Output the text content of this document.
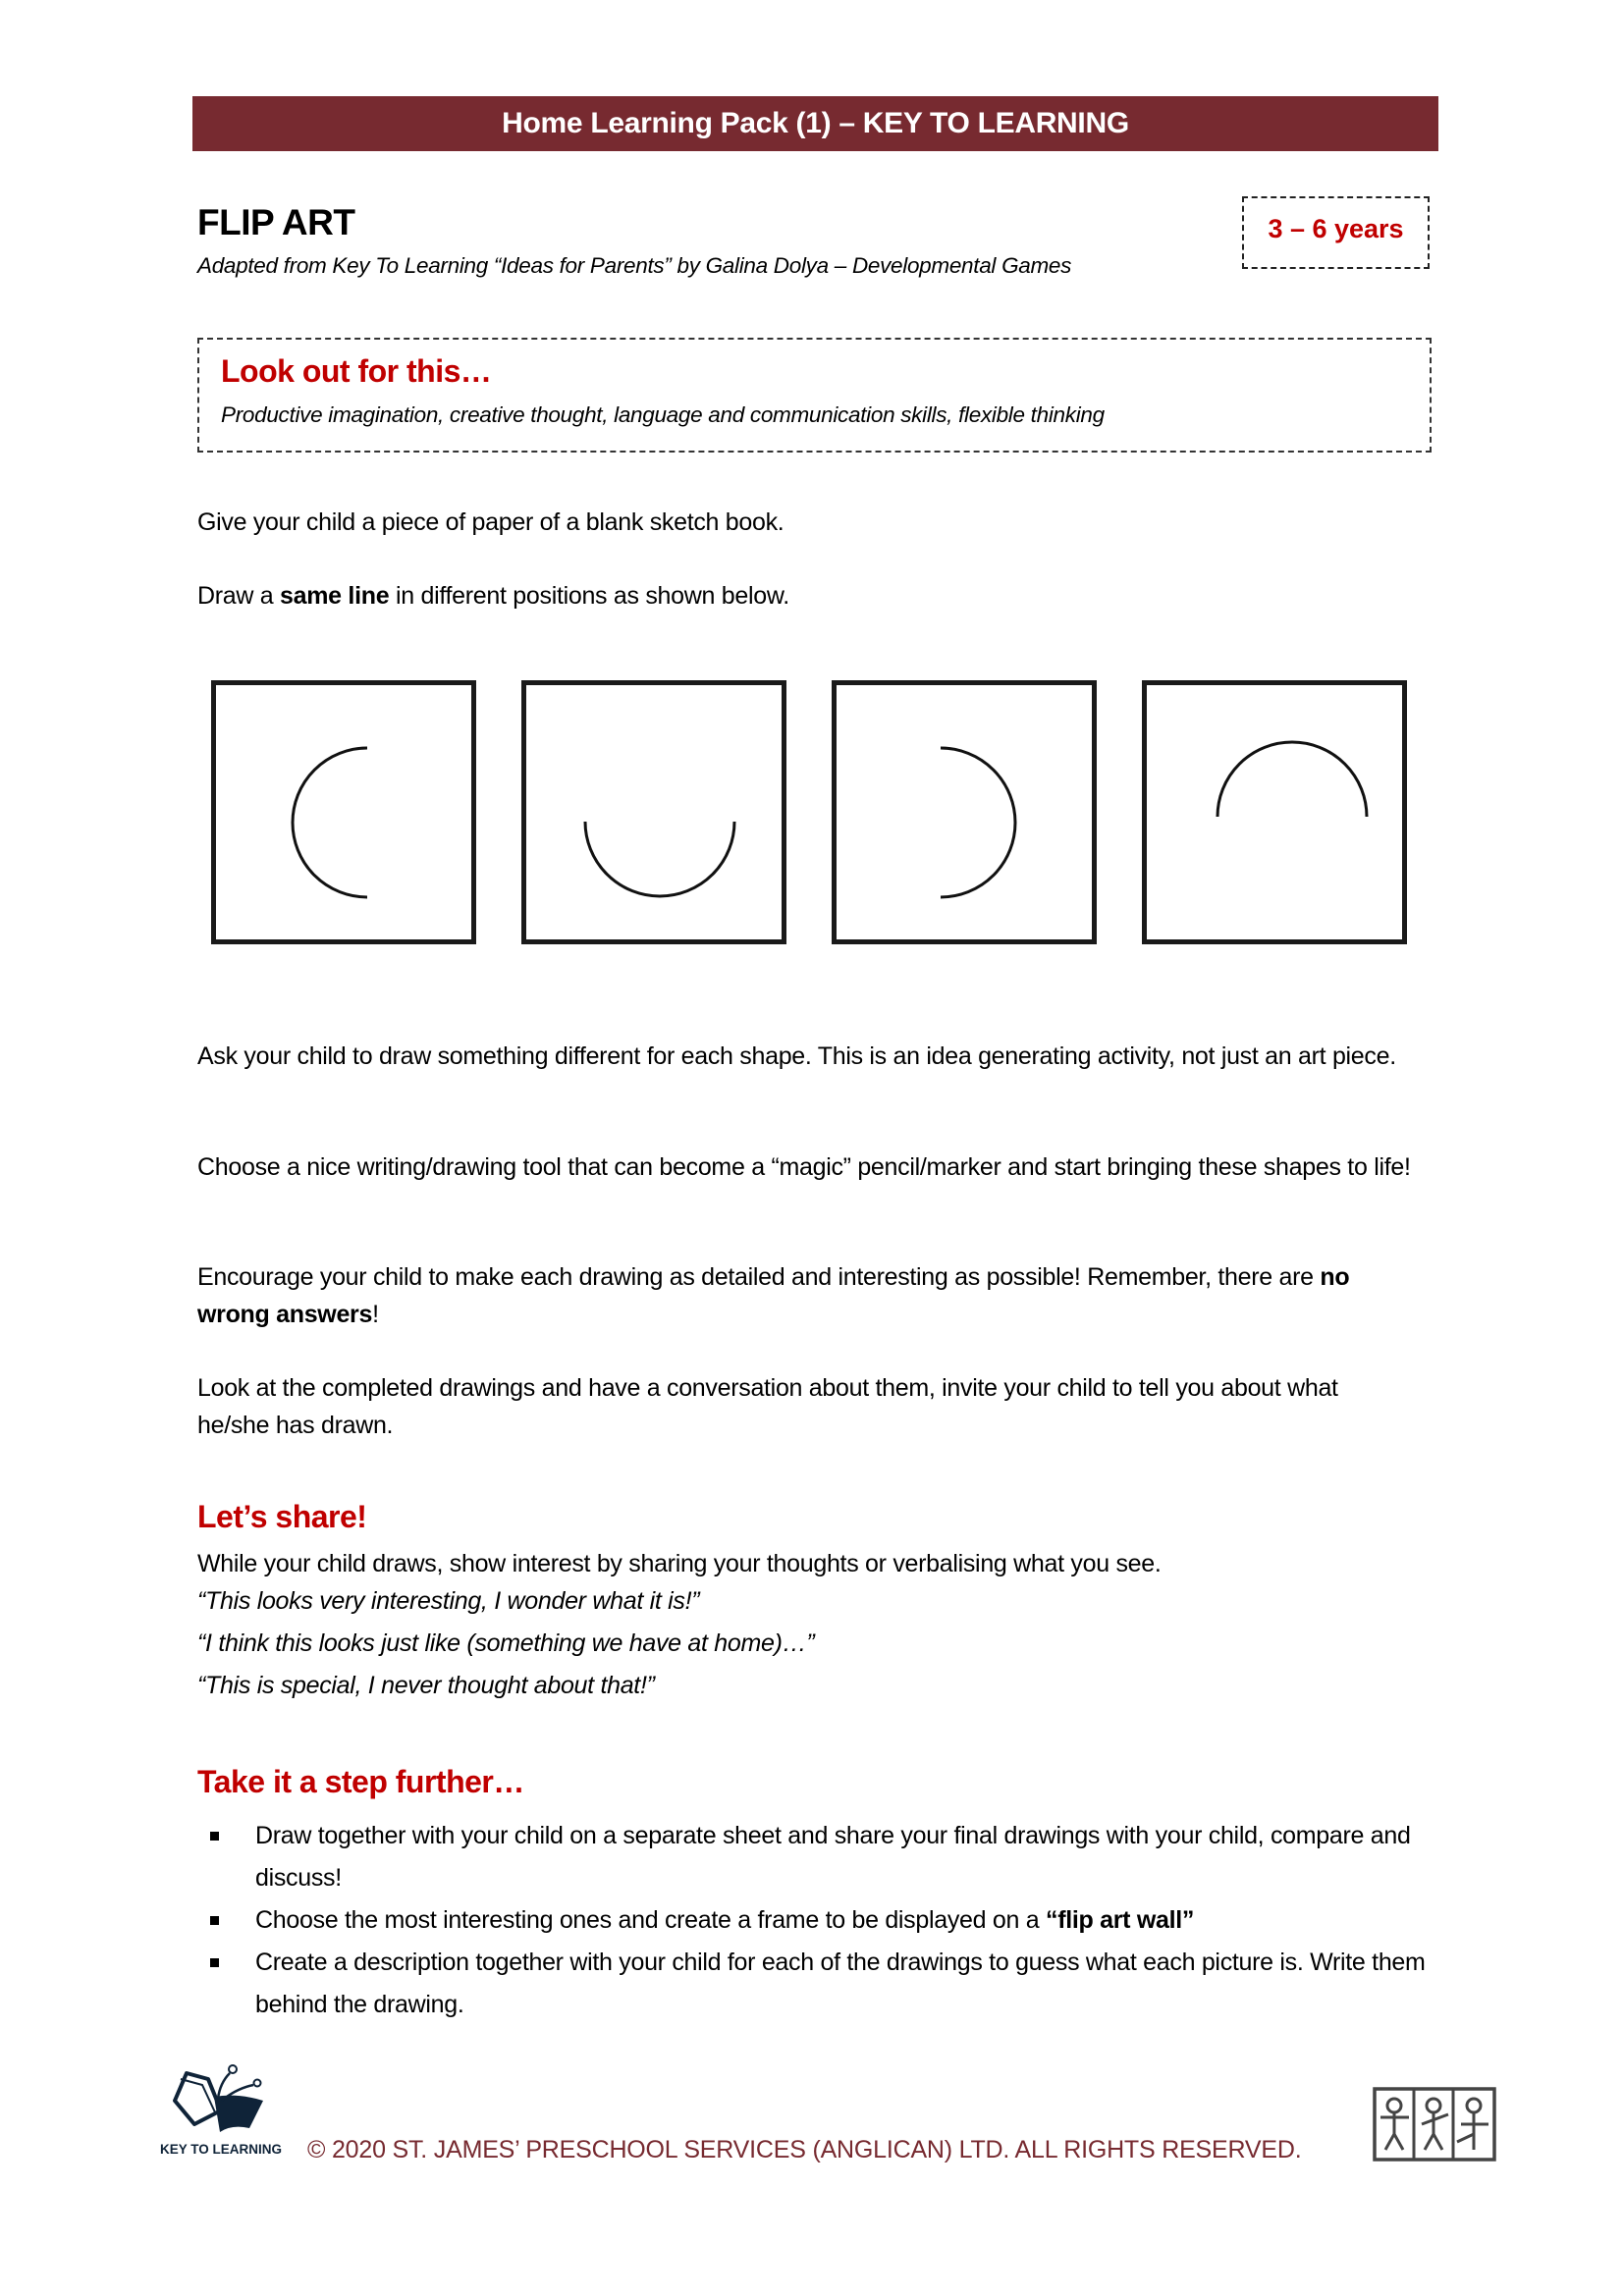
Home Learning Pack (1) – KEY TO LEARNING
FLIP ART
Adapted from Key To Learning “Ideas for Parents” by Galina Dolya – Developmental Games
3 – 6 years
Look out for this…
Productive imagination, creative thought, language and communication skills, flexible thinking
Give your child a piece of paper of a blank sketch book.
Draw a same line in different positions as shown below.
Ask your child to draw something different for each shape. This is an idea generating activity, not just an art piece.
Choose a nice writing/drawing tool that can become a “magic” pencil/marker and start bringing these shapes to life!
Encourage your child to make each drawing as detailed and interesting as possible! Remember, there are no wrong answers!
Look at the completed drawings and have a conversation about them, invite your child to tell you about what he/she has drawn.
Let’s share!
While your child draws, show interest by sharing your thoughts or verbalising what you see.
“This looks very interesting, I wonder what it is!”
“I think this looks just like (something we have at home)…”
“This is special, I never thought about that!”
Take it a step further…
Draw together with your child on a separate sheet and share your final drawings with your child, compare and discuss!
Choose the most interesting ones and create a frame to be displayed on a “flip art wall”
Create a description together with your child for each of the drawings to guess what each picture is. Write them behind the drawing.
KEY TO LEARNING	© 2020 ST. JAMES’ PRESCHOOL SERVICES (ANGLICAN) LTD. ALL RIGHTS RESERVED.
